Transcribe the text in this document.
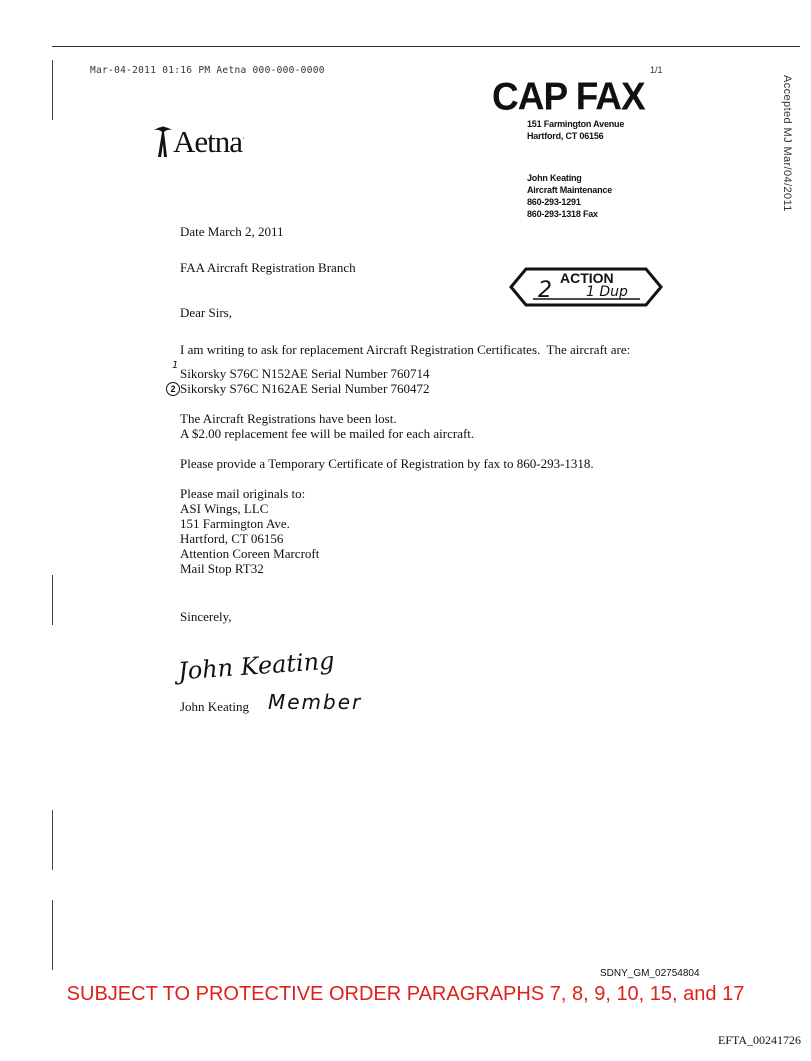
Mar-04-2011 01:16 PM Aetna 000-000-0000
CAP FAX
1/1
Accepted MJ Mar/04/2011
Aetna ·
151 Farmington Avenue
Hartford, CT 06156
John Keating
Aircraft Maintenance
860-293-1291
860-293-1318 Fax
Date March 2, 2011
FAA Aircraft Registration Branch
ACTION
2 1 Dup
Dear Sirs,
I am writing to ask for replacement Aircraft Registration Certificates.  The aircraft are:
1
Sikorsky S76C N152AE Serial Number 760714
2 Sikorsky S76C N162AE Serial Number 760472
The Aircraft Registrations have been lost.
A $2.00 replacement fee will be mailed for each aircraft.
Please provide a Temporary Certificate of Registration by fax to 860-293-1318.
Please mail originals to:
ASI Wings, LLC
151 Farmington Ave.
Hartford, CT 06156
Attention Coreen Marcroft
Mail Stop RT32
Sincerely,
John Keating
John Keating Member
SDNY_GM_02754804
SUBJECT TO PROTECTIVE ORDER PARAGRAPHS 7, 8, 9, 10, 15, and 17
EFTA_00241726
